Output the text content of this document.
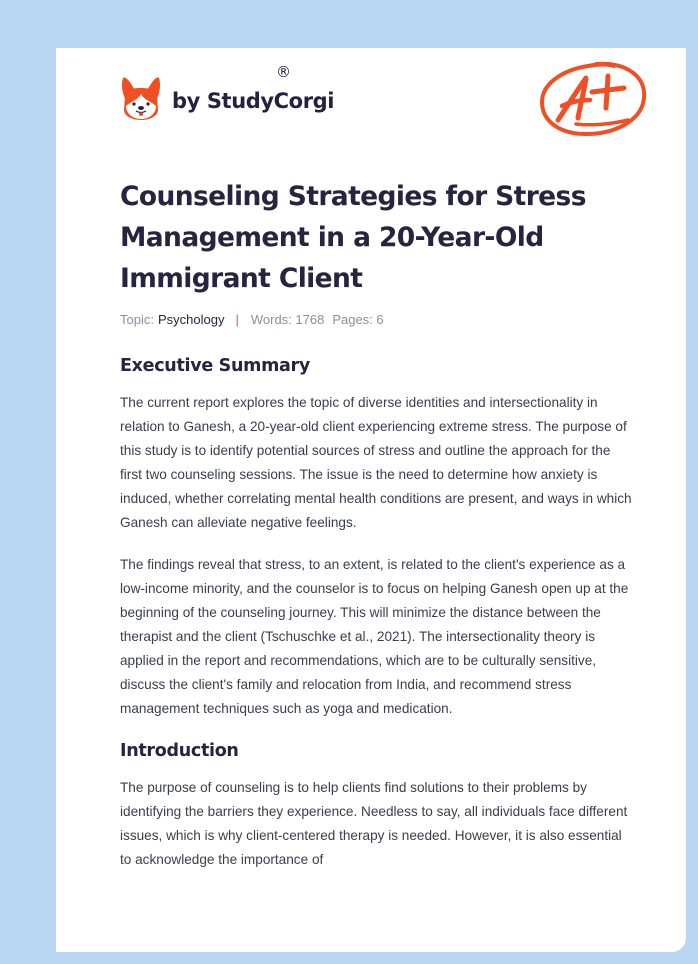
by StudyCorgi
®
Counseling Strategies for Stress Management in a 20-Year-Old Immigrant Client
Topic: Psychology | Words: 1768 Pages: 6
Executive Summary

The current report explores the topic of diverse identities and intersectionality in relation to Ganesh, a 20-year-old client experiencing extreme stress. The purpose of this study is to identify potential sources of stress and outline the approach for the first two counseling sessions. The issue is the need to determine how anxiety is induced, whether correlating mental health conditions are present, and ways in which Ganesh can alleviate negative feelings.

The findings reveal that stress, to an extent, is related to the client's experience as a low-income minority, and the counselor is to focus on helping Ganesh open up at the beginning of the counseling journey. This will minimize the distance between the therapist and the client (Tschuschke et al., 2021). The intersectionality theory is applied in the report and recommendations, which are to be culturally sensitive, discuss the client's family and relocation from India, and recommend stress management techniques such as yoga and medication.

Introduction

The purpose of counseling is to help clients find solutions to their problems by identifying the barriers they experience. Needless to say, all individuals face different issues, which is why client-centered therapy is needed. However, it is also essential to acknowledge the importance of
